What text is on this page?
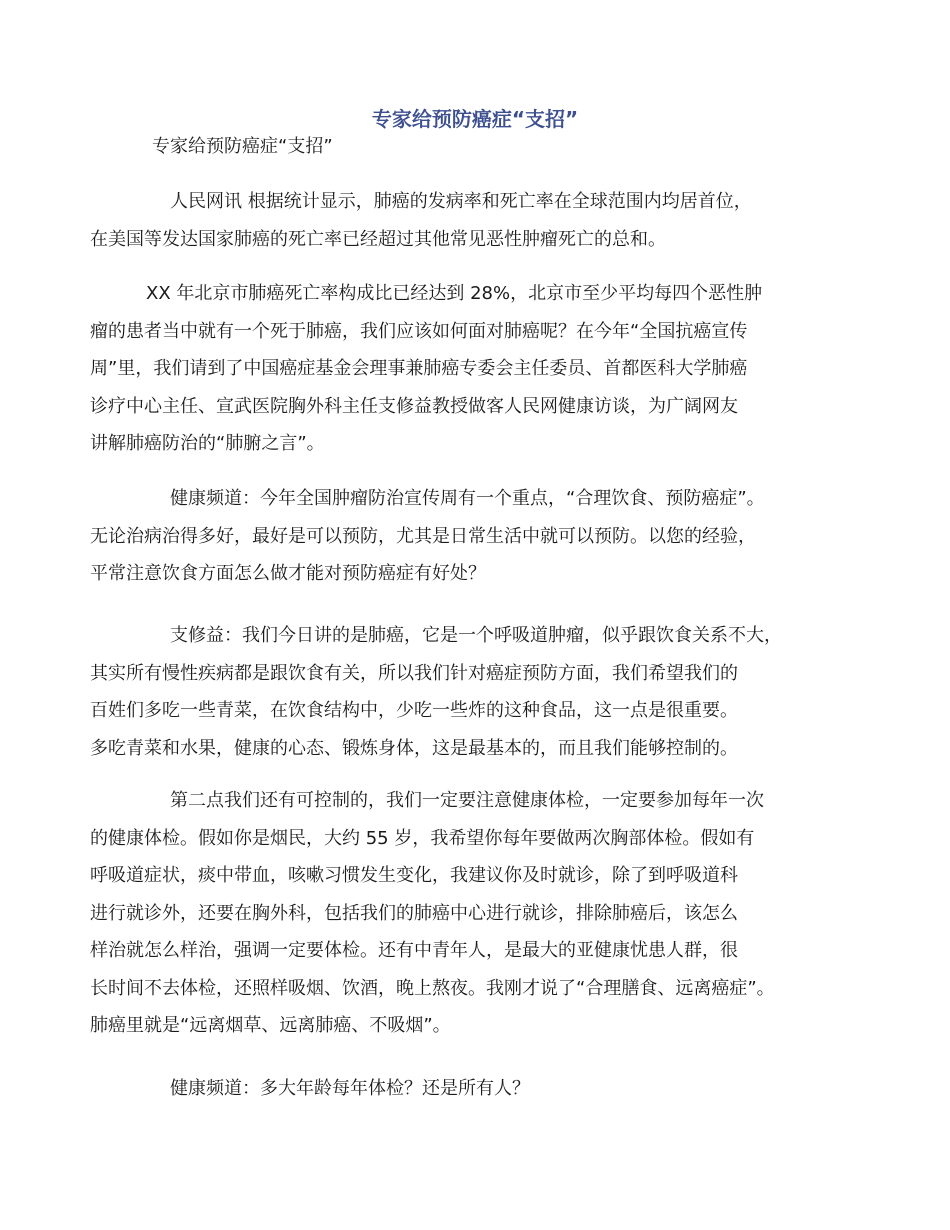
专家给预防癌症“支招”

专家给预防癌症“支招”

人民网讯 根据统计显示，肺癌的发病率和死亡率在全球范围内均居首位，
在美国等发达国家肺癌的死亡率已经超过其他常见恶性肿瘤死亡的总和。
XX 年北京市肺癌死亡率构成比已经达到 28%，北京市至少平均每四个恶性肿
瘤的患者当中就有一个死于肺癌，我们应该如何面对肺癌呢？在今年“全国抗癌宣传
周”里，我们请到了中国癌症基金会理事兼肺癌专委会主任委员、首都医科大学肺癌
诊疗中心主任、宣武医院胸外科主任支修益教授做客人民网健康访谈，为广阔网友
讲解肺癌防治的“肺腑之言”。
健康频道：今年全国肿瘤防治宣传周有一个重点，“合理饮食、预防癌症”。
无论治病治得多好，最好是可以预防，尤其是日常生活中就可以预防。以您的经验，
平常注意饮食方面怎么做才能对预防癌症有好处？
支修益：我们今日讲的是肺癌，它是一个呼吸道肿瘤，似乎跟饮食关系不大，
其实所有慢性疾病都是跟饮食有关，所以我们针对癌症预防方面，我们希望我们的
百姓们多吃一些青菜，在饮食结构中，少吃一些炸的这种食品，这一点是很重要。
多吃青菜和水果，健康的心态、锻炼身体，这是最基本的，而且我们能够控制的。
第二点我们还有可控制的，我们一定要注意健康体检，一定要参加每年一次
的健康体检。假如你是烟民，大约 55 岁，我希望你每年要做两次胸部体检。假如有
呼吸道症状，痰中带血，咳嗽习惯发生变化，我建议你及时就诊，除了到呼吸道科
进行就诊外，还要在胸外科，包括我们的肺癌中心进行就诊，排除肺癌后，该怎么
样治就怎么样治，强调一定要体检。还有中青年人，是最大的亚健康忧患人群，很
长时间不去体检，还照样吸烟、饮酒，晚上熬夜。我刚才说了“合理膳食、远离癌症”。
肺癌里就是“远离烟草、远离肺癌、不吸烟”。
健康频道：多大年龄每年体检？还是所有人？
